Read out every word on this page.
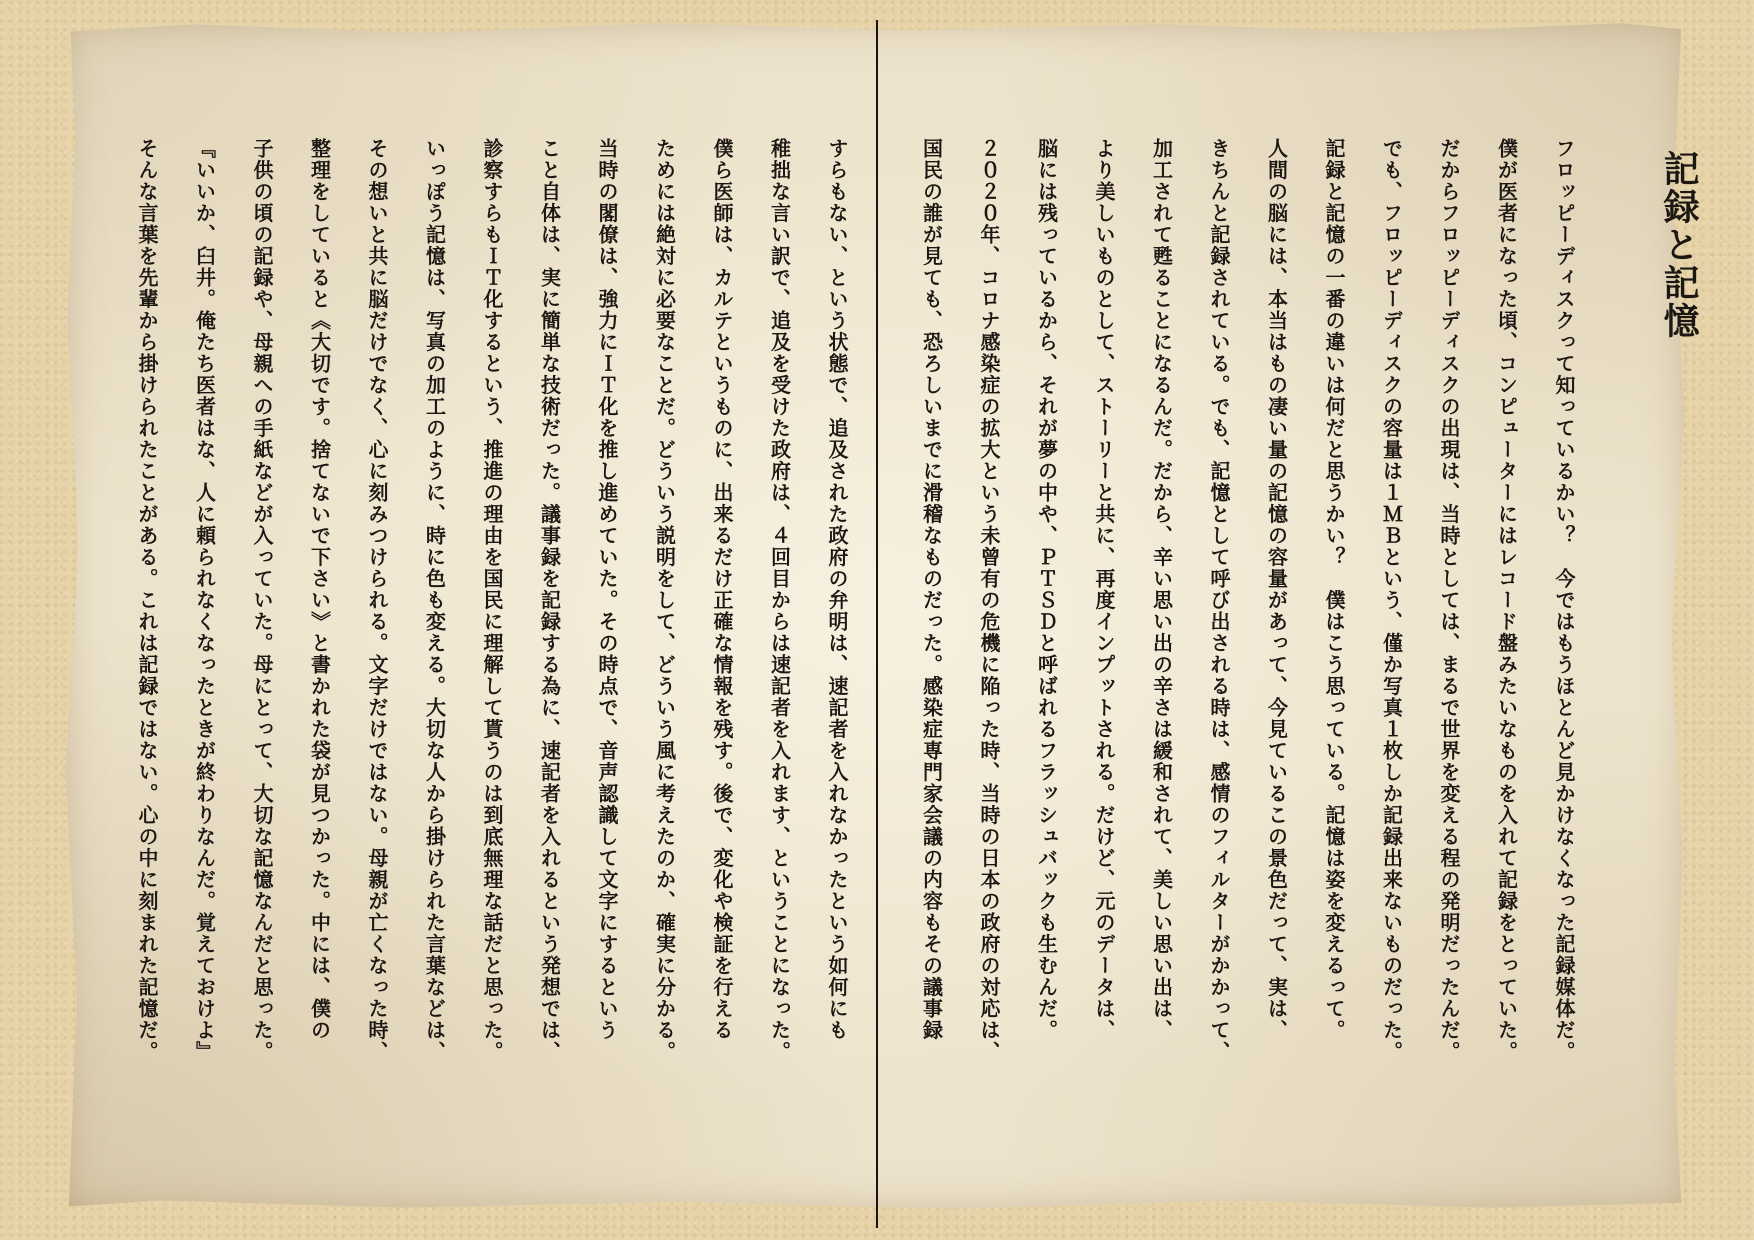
記録と記憶
フロッピーディスクって知っているかい？　今ではもうほとんど見かけなくなった記録媒体だ。
僕が医者になった頃、コンピューターにはレコード盤みたいなものを入れて記録をとっていた。
だからフロッピーディスクの出現は、当時としては、まるで世界を変える程の発明だったんだ。
でも、フロッピーディスクの容量は１ＭＢという、僅か写真１枚しか記録出来ないものだった。
記録と記憶の一番の違いは何だと思うかい？　僕はこう思っている。記憶は姿を変えるって。
人間の脳には、本当はもの凄い量の記憶の容量があって、今見ているこの景色だって、実は、
きちんと記録されている。でも、記憶として呼び出される時は、感情のフィルターがかかって、
加工されて甦ることになるんだ。だから、辛い思い出の辛さは緩和されて、美しい思い出は、
より美しいものとして、ストーリーと共に、再度インプットされる。だけど、元のデータは、
脳には残っているから、それが夢の中や、ＰＴＳＤと呼ばれるフラッシュバックも生むんだ。
２０２０年、コロナ感染症の拡大という未曾有の危機に陥った時、当時の日本の政府の対応は、
国民の誰が見ても、恐ろしいまでに滑稽なものだった。感染症専門家会議の内容もその議事録
すらもない、という状態で、追及された政府の弁明は、速記者を入れなかったという如何にも
稚拙な言い訳で、追及を受けた政府は、４回目からは速記者を入れます、ということになった。
僕ら医師は、カルテというものに、出来るだけ正確な情報を残す。後で、変化や検証を行える
ためには絶対に必要なことだ。どういう説明をして、どういう風に考えたのか、確実に分かる。
当時の閣僚は、強力にＩＴ化を推し進めていた。その時点で、音声認識して文字にするという
こと自体は、実に簡単な技術だった。議事録を記録する為に、速記者を入れるという発想では、
診察すらもＩＴ化するという、推進の理由を国民に理解して貰うのは到底無理な話だと思った。
いっぽう記憶は、写真の加工のように、時に色も変える。大切な人から掛けられた言葉などは、
その想いと共に脳だけでなく、心に刻みつけられる。文字だけではない。母親が亡くなった時、
整理をしていると《大切です。捨てないで下さい》と書かれた袋が見つかった。中には、僕の
子供の頃の記録や、母親への手紙などが入っていた。母にとって、大切な記憶なんだと思った。
『いいか、臼井。俺たち医者はな、人に頼られなくなったときが終わりなんだ。覚えておけよ』
そんな言葉を先輩から掛けられたことがある。これは記録ではない。心の中に刻まれた記憶だ。
